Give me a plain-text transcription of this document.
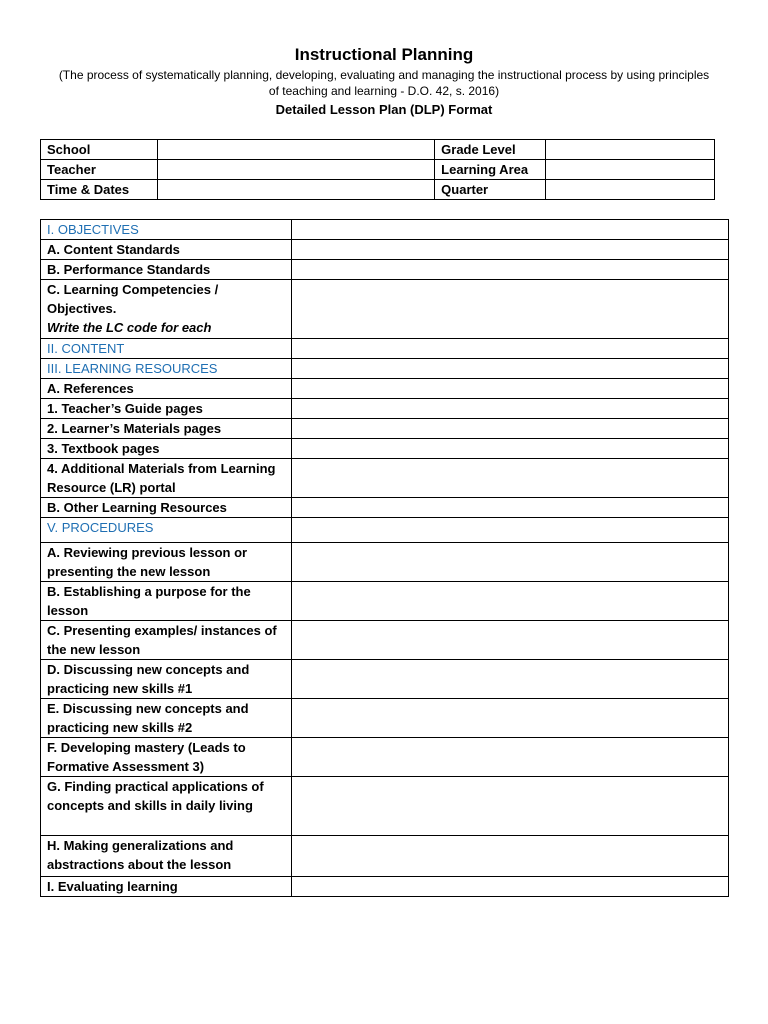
Instructional Planning
(The process of systematically planning, developing, evaluating and managing the instructional process by using principles of teaching and learning - D.O. 42, s. 2016)
Detailed Lesson Plan (DLP) Format
School		Grade Level	
Teacher		Learning Area	
Time & Dates		Quarter	
I. OBJECTIVES	
A. Content Standards	
B. Performance Standards	
C. Learning Competencies / Objectives.
Write the LC code for each	

II. CONTENT	
III. LEARNING RESOURCES	
A. References	
1. Teacher’s Guide pages	
2. Learner’s Materials pages	
3. Textbook pages	
4. Additional Materials from Learning Resource (LR) portal	
B. Other Learning Resources	
V. PROCEDURES	
A. Reviewing previous lesson or presenting the new lesson	
B. Establishing a purpose for the lesson	
C. Presenting examples/ instances of the new lesson	
D. Discussing new concepts and practicing new skills #1	
E. Discussing new concepts and practicing new skills #2	
F. Developing mastery (Leads to Formative Assessment 3)	
G. Finding practical applications of concepts and skills in daily living	
H. Making generalizations and abstractions about the lesson	
I. Evaluating learning	
